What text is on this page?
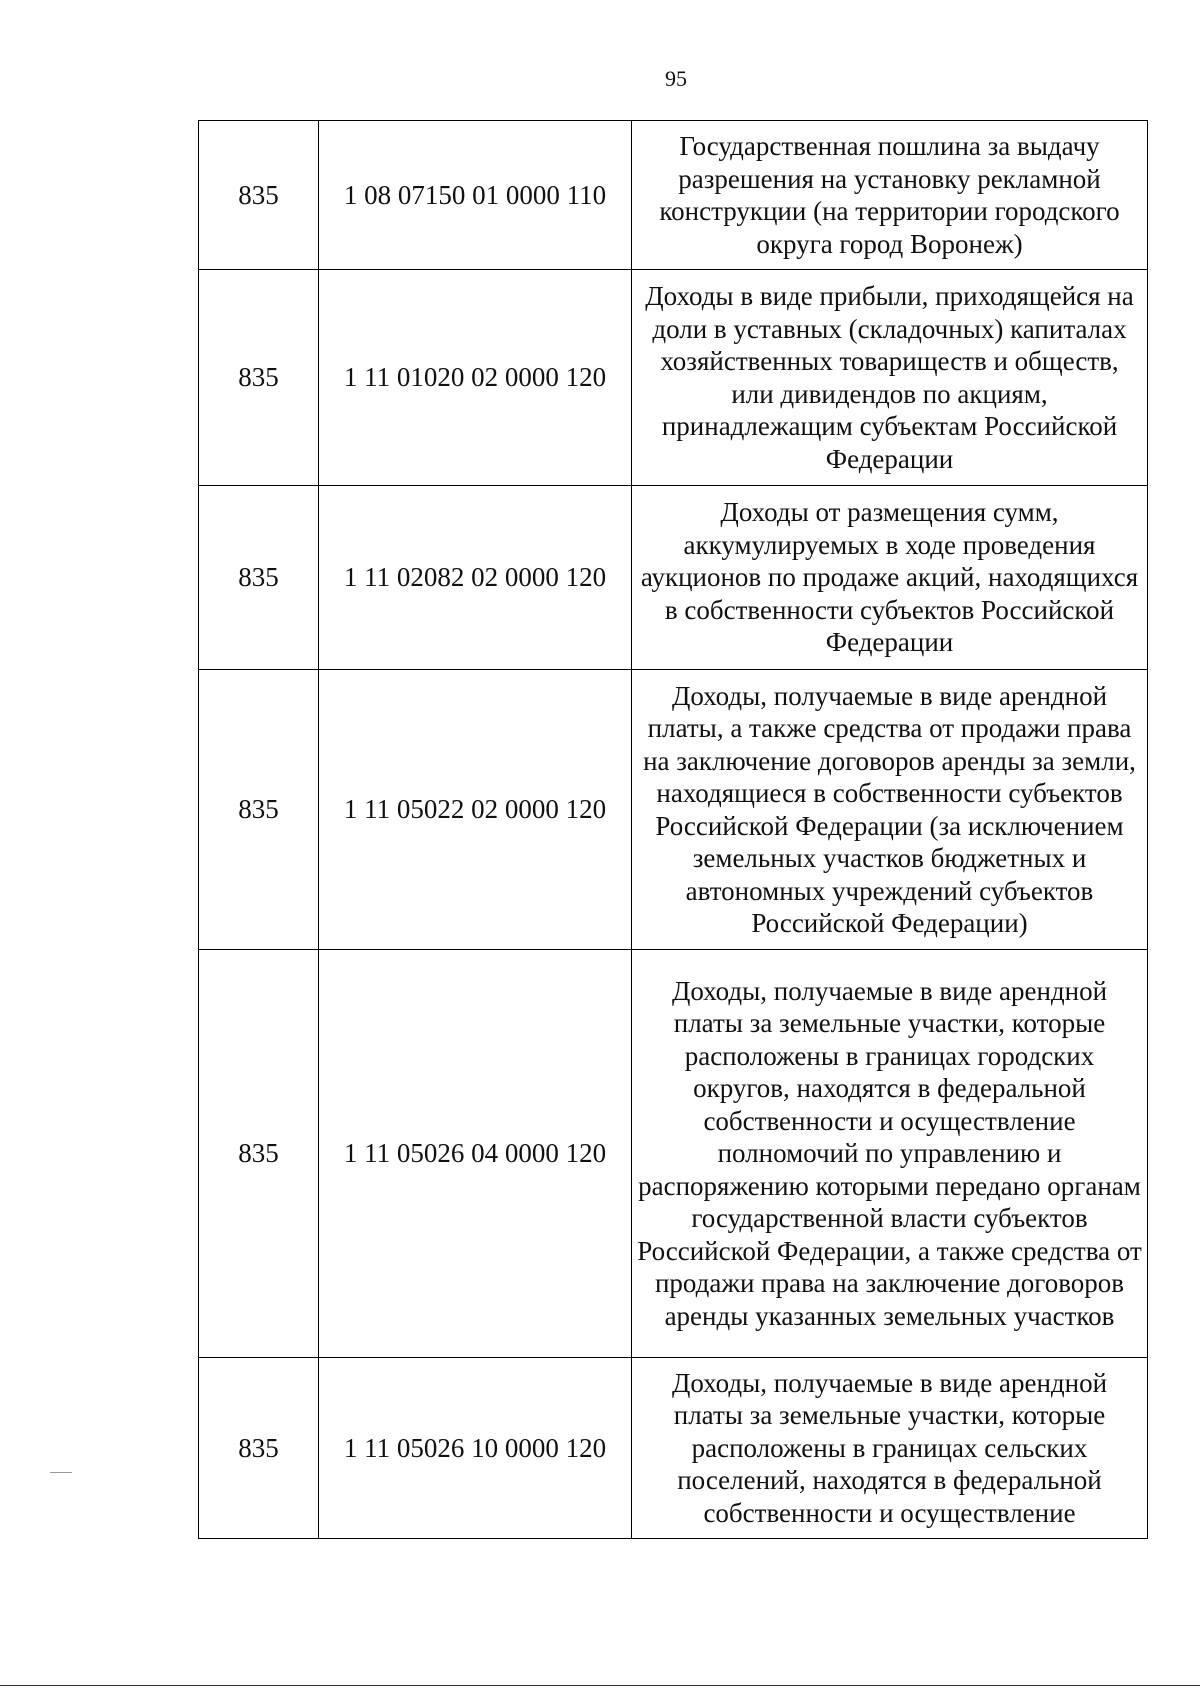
95
835	1 08 07150 01 0000 110	Государственная пошлина за выдачу разрешения на установку рекламной конструкции (на территории городского округа город Воронеж)
835	1 11 01020 02 0000 120	Доходы в виде прибыли, приходящейся на доли в уставных (складочных) капиталах хозяйственных товариществ и обществ, или дивидендов по акциям, принадлежащим субъектам Российской Федерации
835	1 11 02082 02 0000 120	Доходы от размещения сумм, аккумулируемых в ходе проведения аукционов по продаже акций, находящихся в собственности субъектов Российской Федерации
835	1 11 05022 02 0000 120	Доходы, получаемые в виде арендной платы, а также средства от продажи права на заключение договоров аренды за земли, находящиеся в собственности субъектов Российской Федерации (за исключением земельных участков бюджетных и автономных учреждений субъектов Российской Федерации)
835	1 11 05026 04 0000 120	Доходы, получаемые в виде арендной платы за земельные участки, которые расположены в границах городских округов, находятся в федеральной собственности и осуществление полномочий по управлению и распоряжению которыми передано органам государственной власти субъектов Российской Федерации, а также средства от продажи права на заключение договоров аренды указанных земельных участков
835	1 11 05026 10 0000 120	Доходы, получаемые в виде арендной платы за земельные участки, которые расположены в границах сельских поселений, находятся в федеральной собственности и осуществление
